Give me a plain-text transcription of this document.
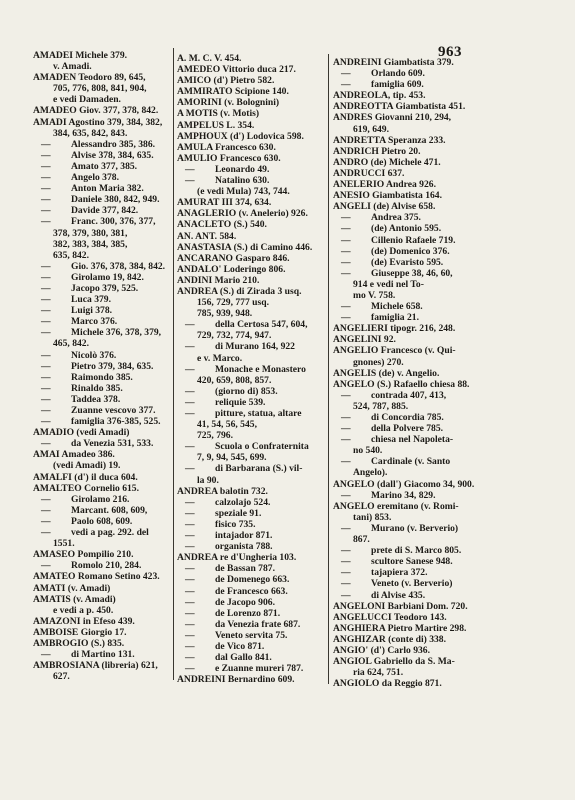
963
AMADEI Michele 379.
v. Amadi.
AMADEN Teodoro 89, 645,
705, 776, 808, 841, 904,
e vedi Damaden.
AMADEO Giov. 377, 378, 842.
AMADI Agostino 379, 384, 382,
384, 635, 842, 843.
— Alessandro 385, 386.
— Alvise 378, 384, 635.
— Amato 377, 385.
— Angelo 378.
— Anton Maria 382.
— Daniele 380, 842, 949.
— Davide 377, 842.
— Franc. 300, 376, 377,
378, 379, 380, 381,
382, 383, 384, 385,
635, 842.
— Gio. 376, 378, 384, 842.
— Girolamo 19, 842.
— Jacopo 379, 525.
— Luca 379.
— Luigi 378.
— Marco 376.
— Michele 376, 378, 379,
465, 842.
— Nicolò 376.
— Pietro 379, 384, 635.
— Raimondo 385.
— Rinaldo 385.
— Taddea 378.
— Zuanne vescovo 377.
— famiglia 376-385, 525.
AMADIO (vedi Amadi)
— da Venezia 531, 533.
AMAI Amadeo 386.
(vedi Amadi) 19.
AMALFI (d') il duca 604.
AMALTEO Cornelio 615.
— Girolamo 216.
— Marcant. 608, 609,
— Paolo 608, 609.
— vedi a pag. 292. del
1551.
AMASEO Pompilio 210.
— Romolo 210, 284.
AMATEO Romano Setino 423.
AMATI (v. Amadi)
AMATIS (v. Amadi)
e vedi a p. 450.
AMAZONI in Efeso 439.
AMBOISE Giorgio 17.
AMBROGIO (S.) 835.
— di Martino 131.
AMBROSIANA (libreria) 621,
627.
A. M. C. V. 454.
AMEDEO Vittorio duca 217.
AMICO (d') Pietro 582.
AMMIRATO Scipione 140.
AMORINI (v. Bolognini)
A MOTIS (v. Motis)
AMPELUS L. 354.
AMPHOUX (d') Lodovica 598.
AMULA Francesco 630.
AMULIO Francesco 630.
— Leonardo 49.
— Natalino 630.
(e vedi Mula) 743, 744.
AMURAT III 374, 634.
ANAGLERIO (v. Anelerio) 926.
ANACLETO (S.) 540.
AN. ANT. 584.
ANASTASIA (S.) di Camino 446.
ANCARANO Gasparo 846.
ANDALO' Loderingo 806.
ANDINI Mario 210.
ANDREA (S.) di Zirada 3 usq.
156, 729, 777 usq.
785, 939, 948.
— della Certosa 547, 604,
729, 732, 774, 947.
— di Murano 164, 922
e v. Marco.
— Monache e Monastero
420, 659, 808, 857.
— (giorno di) 853.
— reliquie 539.
— pitture, statua, altare
41, 54, 56, 545,
725, 796.
— Scuola o Confraternita
7, 9, 94, 545, 699.
— di Barbarana (S.) vil-
la 90.
ANDREA balotin 732.
— calzolajo 524.
— speziale 91.
— fisico 735.
— intajador 871.
— organista 788.
ANDREA re d'Ungheria 103.
— de Bassan 787.
— de Domenego 663.
— de Francesco 663.
— de Jacopo 906.
— de Lorenzo 871.
— da Venezia frate 687.
— Veneto servita 75.
— de Vico 871.
— dal Gallo 841.
— e Zuanne mureri 787.
ANDREINI Bernardino 609.
ANDREINI Giambatista 379.
— Orlando 609.
— famiglia 609.
ANDREOLA, tip. 453.
ANDREOTTA Giambatista 451.
ANDRES Giovanni 210, 294,
619, 649.
ANDRETTA Speranza 233.
ANDRICH Pietro 20.
ANDRO (de) Michele 471.
ANDRUCCI 637.
ANELERIO Andrea 926.
ANESIO Giambatista 164.
ANGELI (de) Alvise 658.
— Andrea 375.
— (de) Antonio 595.
— Cillenio Rafaele 719.
— (de) Domenico 376.
— (de) Evaristo 595.
— Giuseppe 38, 46, 60,
914 e vedi nel To-
mo V. 758.
— Michele 658.
— famiglia 21.
ANGELIERI tipogr. 216, 248.
ANGELINI 92.
ANGELIO Francesco (v. Qui-
gnones) 270.
ANGELIS (de) v. Angelio.
ANGELO (S.) Rafaello chiesa 88.
— contrada 407, 413,
524, 787, 885.
— di Concordia 785.
— della Polvere 785.
— chiesa nel Napoleta-
no 540.
— Cardinale (v. Santo
Angelo).
ANGELO (dall') Giacomo 34, 900.
— Marino 34, 829.
ANGELO eremitano (v. Romi-
tani) 853.
— Murano (v. Berverio)
867.
— prete di S. Marco 805.
— scultore Sanese 948.
— tajapiera 372.
— Veneto (v. Berverio)
— di Alvise 435.
ANGELONI Barbiani Dom. 720.
ANGELUCCI Teodoro 143.
ANGHIERA Pietro Martire 298.
ANGHIZAR (conte di) 338.
ANGIO' (d') Carlo 936.
ANGIOL Gabriello da S. Ma-
ria 624, 751.
ANGIOLO da Reggio 871.
